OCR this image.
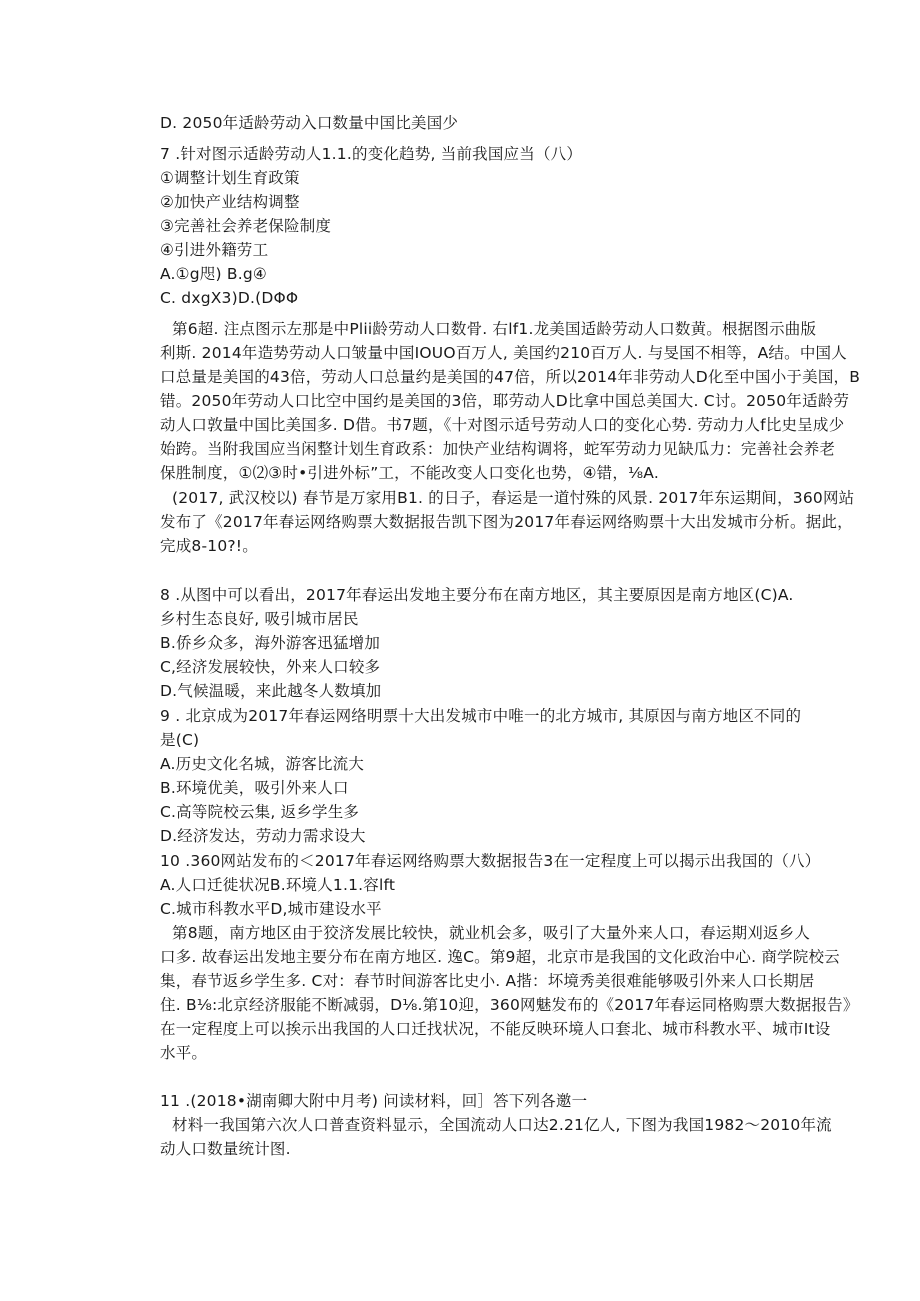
D. 2050年适龄劳动入口数量中国比美国少
7 .针对图示适龄劳动人1.1.的变化趋势, 当前我国应当（八）
①调整计划生育政策
②加快产业结构调整
③完善社会养老保险制度
④引进外籍劳工
A.①g咫) B.g④
C. dxgX3)D.(DΦΦ
第6超. 注点图示左那是中Plii龄劳动人口数骨. 右lf1.龙美国适龄劳动人口数黄。根据图示曲版
利斯. 2014年造势劳动人口皱量中国IOUO百万人, 美国约210百万人. 与旻国不相等，A结。中国人
口总量是美国的43倍，劳动人口总量约是美国的47倍，所以2014年非劳动人D化至中国小于美国，B
错。2050年劳动人口比空中国约是美国的3倍，耶劳动人D比拿中国总美国大. C讨。2050年适龄劳
动人口敦量中国比美国多. D借。书7题，《十对图示适号劳动人口的变化心势. 劳动力人f比史呈成少
始跨。当附我国应当闲整计划生育政系：加快产业结构调将，蛇军劳动力见缺瓜力：完善社会养老
保胜制度，①⑵③时•引进外标”工，不能改变人口变化也势，④错，⅛A.
(2017, 武汉校以) 春节是万家用B1. 的日子，春运是一道忖殊的风景. 2017年东运期间，360网站
发布了《2017年春运网络购票大数据报告凯下图为2017年春运网络购票十大出发城市分析。据此，
完成8-10?!。
8 .从图中可以看出，2017年春运出发地主要分布在南方地区，其主要原因是南方地区(C)A.
乡村生态良好, 吸引城市居民
B.侨乡众多，海外游客迅猛增加
C,经济发展较快，外来人口较多
D.气候温暖，来此越冬人数填加
9 . 北京成为2017年春运网络明票十大出发城市中唯一的北方城市, 其原因与南方地区不同的
是(C)
A.历史文化名城，游客比流大
B.环境优美，吸引外来人口
C.高等院校云集, 返乡学生多
D.经济发达，劳动力需求设大
10 .360网站发布的＜2017年春运网络购票大数据报告3在一定程度上可以揭示出我国的（八）
A.人口迁徙状况B.环境人1.1.容lft
C.城市科教水平D,城市建设水平
第8题，南方地区由于狡济发展比较快，就业机会多，吸引了大量外来人口，春运期刈返乡人
口多. 故春运出发地主要分布在南方地区. 逸C。第9超，北京市是我国的文化政治中心. 商学院校云
集，春节返乡学生多. C对：春节时间游客比史小. A揩：坏境秀美很难能够吸引外来人口长期居
住. B⅛:北京经济服能不断减弱，D⅛.第10迎，360网魅发布的《2017年春运同格购票大数据报告》
在一定程度上可以挨示出我国的人口迁找状况，不能反映环境人口套北、城市科教水平、城市It设
水平。
11 .(2018•湖南卿大附中月考) 问读材料，回］答下列各邀一
材料一我国第六次人口普查资料显示，全国流动人口达2.21亿人, 下图为我国1982～2010年流
动人口数量统计图.
